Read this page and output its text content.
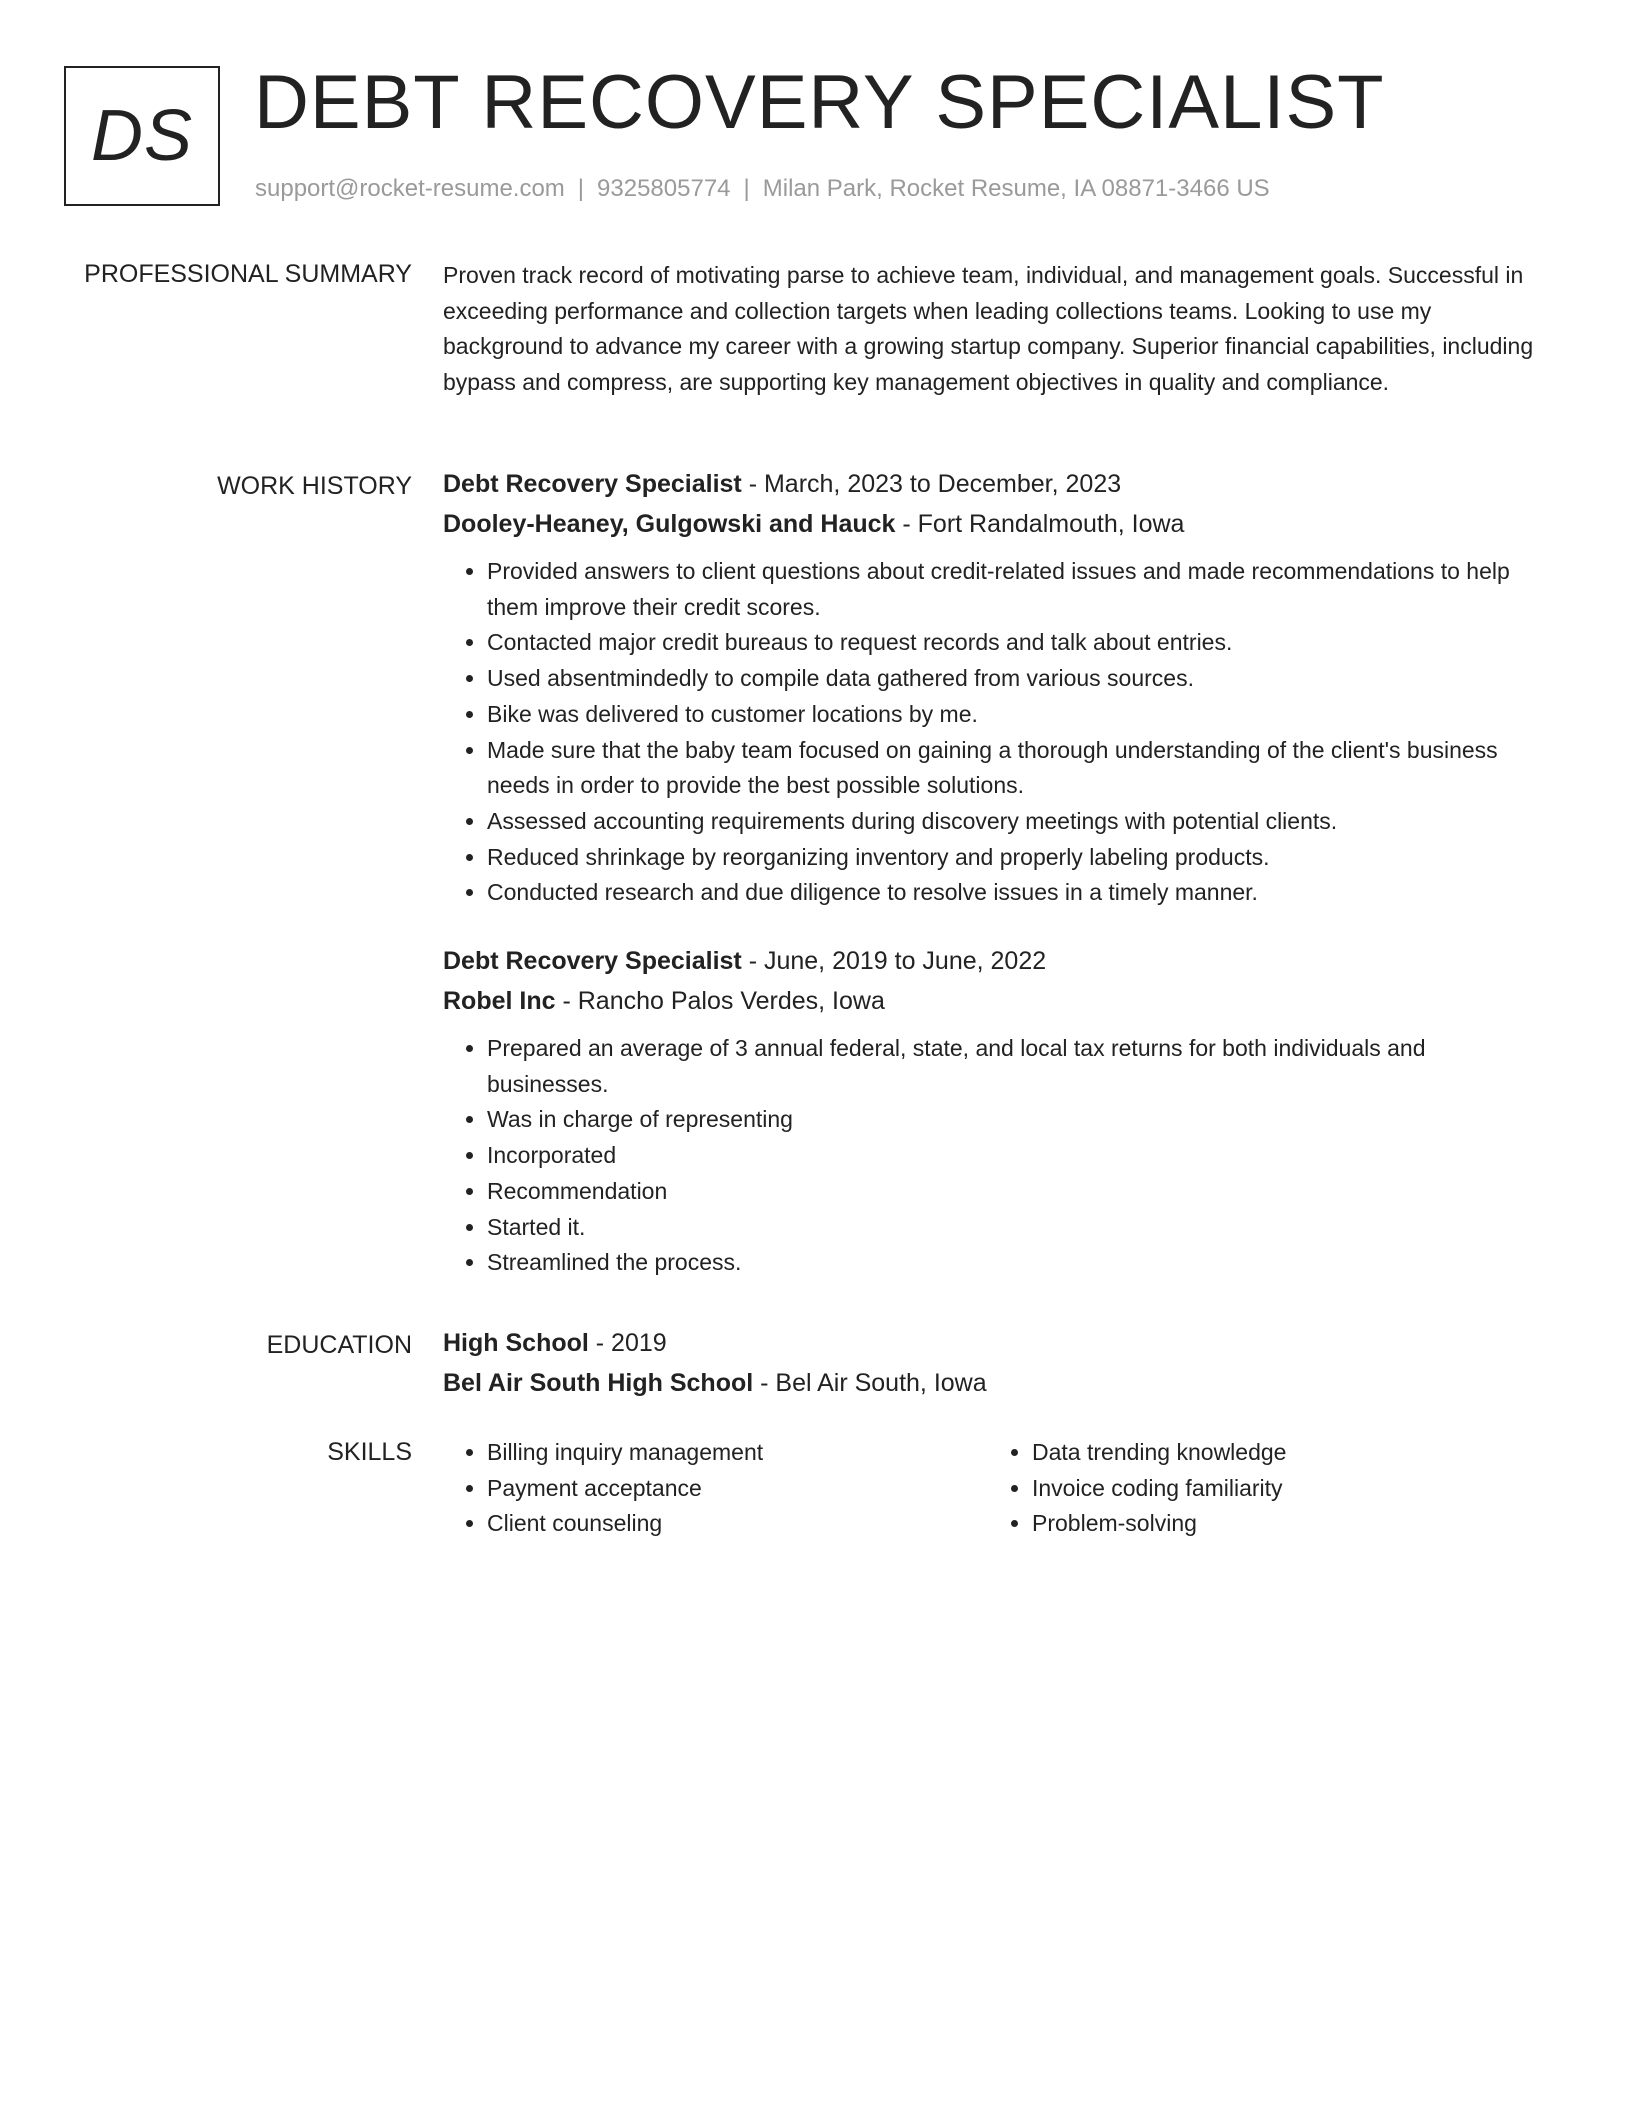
DS DEBT RECOVERY SPECIALIST
support@rocket-resume.com | 9325805774 | Milan Park, Rocket Resume, IA 08871-3466 US
PROFESSIONAL SUMMARY Proven track record of motivating parse to achieve team, individual, and management goals. Successful in exceeding performance and collection targets when leading collections teams. Looking to use my background to advance my career with a growing startup company. Superior financial capabilities, including bypass and compress, are supporting key management objectives in quality and compliance.

WORK HISTORY Debt Recovery Specialist - March, 2023 to December, 2023
Dooley-Heaney, Gulgowski and Hauck - Fort Randalmouth, Iowa
• Provided answers to client questions about credit-related issues and made recommendations to help them improve their credit scores.
• Contacted major credit bureaus to request records and talk about entries.
• Used absentmindedly to compile data gathered from various sources.
• Bike was delivered to customer locations by me.
• Made sure that the baby team focused on gaining a thorough understanding of the client's business needs in order to provide the best possible solutions.
• Assessed accounting requirements during discovery meetings with potential clients.
• Reduced shrinkage by reorganizing inventory and properly labeling products.
• Conducted research and due diligence to resolve issues in a timely manner.
Debt Recovery Specialist - June, 2019 to June, 2022
Robel Inc - Rancho Palos Verdes, Iowa
• Prepared an average of 3 annual federal, state, and local tax returns for both individuals and businesses.
• Was in charge of representing
• Incorporated
• Recommendation
• Started it.
• Streamlined the process.
EDUCATION High School - 2019
Bel Air South High School - Bel Air South, Iowa
SKILLS
•	Billing inquiry management
• Payment acceptance
• Client counseling
• Data trending knowledge
• Invoice coding familiarity
• Problem-solving
